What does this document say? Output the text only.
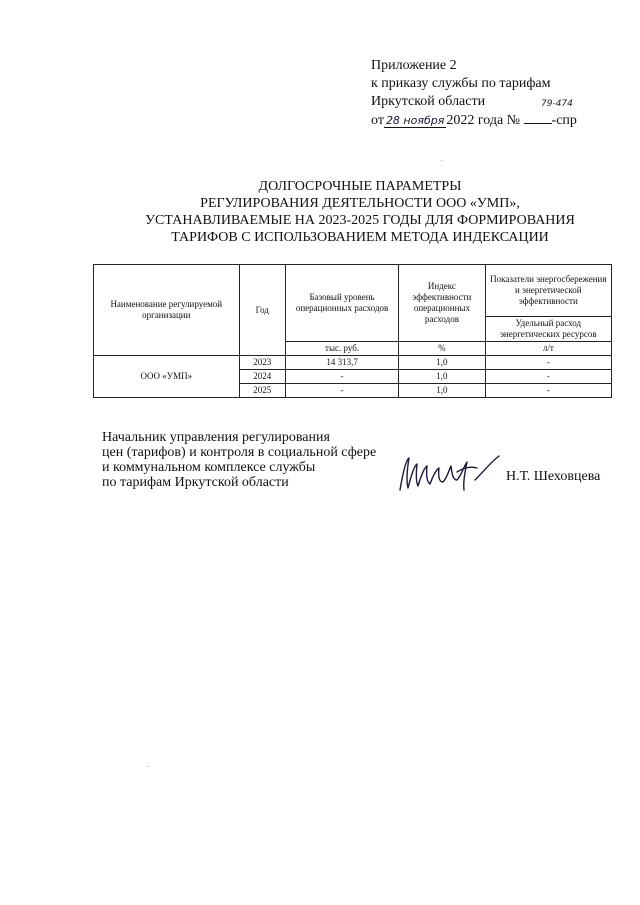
Приложение 2
к приказу службы по тарифам
Иркутской области
от 28 ноября 2022 года № -спр
79-474
ДОЛГОСРОЧНЫЕ ПАРАМЕТРЫ
РЕГУЛИРОВАНИЯ ДЕЯТЕЛЬНОСТИ ООО «УМП»,
УСТАНАВЛИВАЕМЫЕ НА 2023-2025 ГОДЫ ДЛЯ ФОРМИРОВАНИЯ
ТАРИФОВ С ИСПОЛЬЗОВАНИЕМ МЕТОДА ИНДЕКСАЦИИ
Наименование регулируемой организации	Год	Базовый уровень операционных расходов	Индекс эффективности операционных расходов	Показатели энергосбережения и энергетической эффективности
				Удельный расход энергетических ресурсов
		тыс. руб.	%	л/т
ООО «УМП»	2023	14 313,7	1,0	-
	2024	-	1,0	-
	2025	-	1,0	-
Начальник управления регулирования
цен (тарифов) и контроля в социальной сфере
и коммунальном комплексе службы
по тарифам Иркутской области	Н.Т. Шеховцева
